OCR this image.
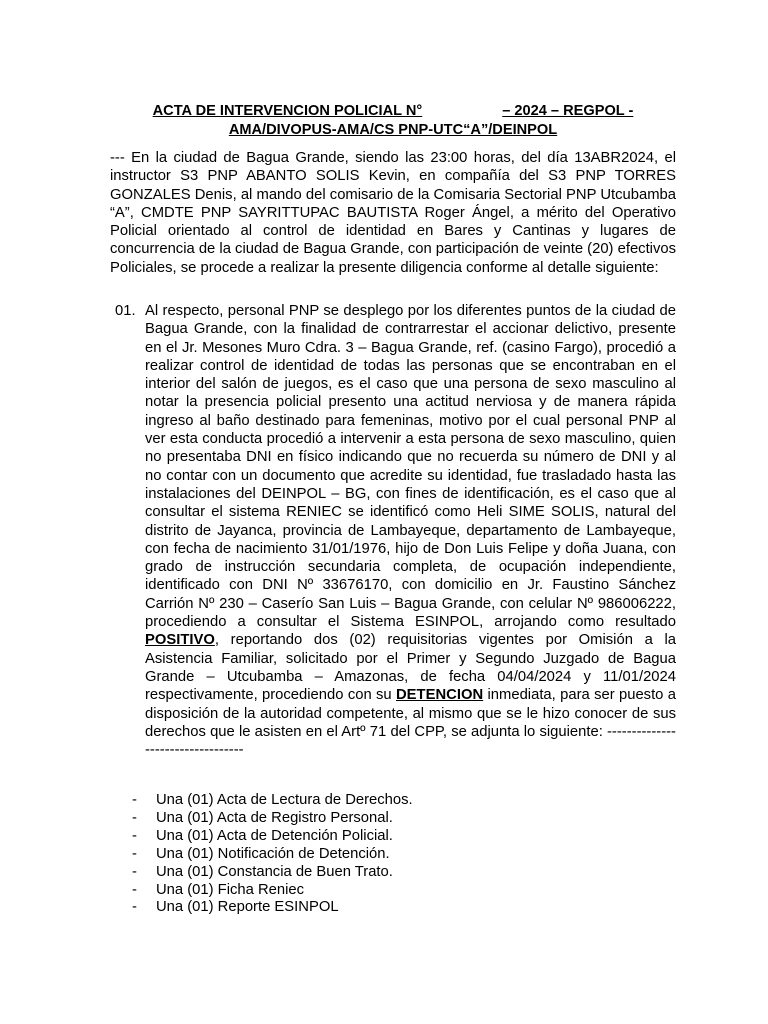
ACTA DE INTERVENCION POLICIAL N°	– 2024 – REGPOL -
AMA/DIVOPUS-AMA/CS PNP-UTC“A”/DEINPOL
--- En la ciudad de Bagua Grande, siendo las 23:00 horas, del día 13ABR2024, el instructor S3 PNP ABANTO SOLIS Kevin, en compañía del S3 PNP TORRES GONZALES Denis, al mando del comisario de la Comisaria Sectorial PNP Utcubamba “A”, CMDTE PNP SAYRITTUPAC BAUTISTA Roger Ángel, a mérito del Operativo Policial orientado al control de identidad en Bares y Cantinas y lugares de concurrencia de la ciudad de Bagua Grande, con participación de veinte (20) efectivos Policiales, se procede a realizar la presente diligencia conforme al detalle siguiente:
01. Al respecto, personal PNP se desplego por los diferentes puntos de la ciudad de Bagua Grande, con la finalidad de contrarrestar el accionar delictivo, presente en el Jr. Mesones Muro Cdra. 3 – Bagua Grande, ref. (casino Fargo), procedió a realizar control de identidad de todas las personas que se encontraban en el interior del salón de juegos, es el caso que una persona de sexo masculino al notar la presencia policial presento una actitud nerviosa y de manera rápida ingreso al baño destinado para femeninas, motivo por el cual personal PNP al ver esta conducta procedió a intervenir a esta persona de sexo masculino, quien no presentaba DNI en físico indicando que no recuerda su número de DNI y al no contar con un documento que acredite su identidad, fue trasladado hasta las instalaciones del DEINPOL – BG, con fines de identificación, es el caso que al consultar el sistema RENIEC se identificó como Heli SIME SOLIS, natural del distrito de Jayanca, provincia de Lambayeque, departamento de Lambayeque, con fecha de nacimiento 31/01/1976, hijo de Don Luis Felipe y doña Juana, con grado de instrucción secundaria completa, de ocupación independiente, identificado con DNI Nº 33676170, con domicilio en Jr. Faustino Sánchez Carrión Nº 230 – Caserío San Luis – Bagua Grande, con celular Nº 986006222, procediendo a consultar el Sistema ESINPOL, arrojando como resultado POSITIVO, reportando dos (02) requisitorias vigentes por Omisión a la Asistencia Familiar, solicitado por el Primer y Segundo Juzgado de Bagua Grande – Utcubamba – Amazonas, de fecha 04/04/2024 y 11/01/2024 respectivamente, procediendo con su DETENCION inmediata, para ser puesto a disposición de la autoridad competente, al mismo que se le hizo conocer de sus derechos que le asisten en el Artº 71 del CPP, se adjunta lo siguiente: ----------------------------------
- Una (01) Acta de Lectura de Derechos.
- Una (01) Acta de Registro Personal.
- Una (01) Acta de Detención Policial.
- Una (01) Notificación de Detención.
- Una (01) Constancia de Buen Trato.
- Una (01) Ficha Reniec
- Una (01) Reporte ESINPOL
